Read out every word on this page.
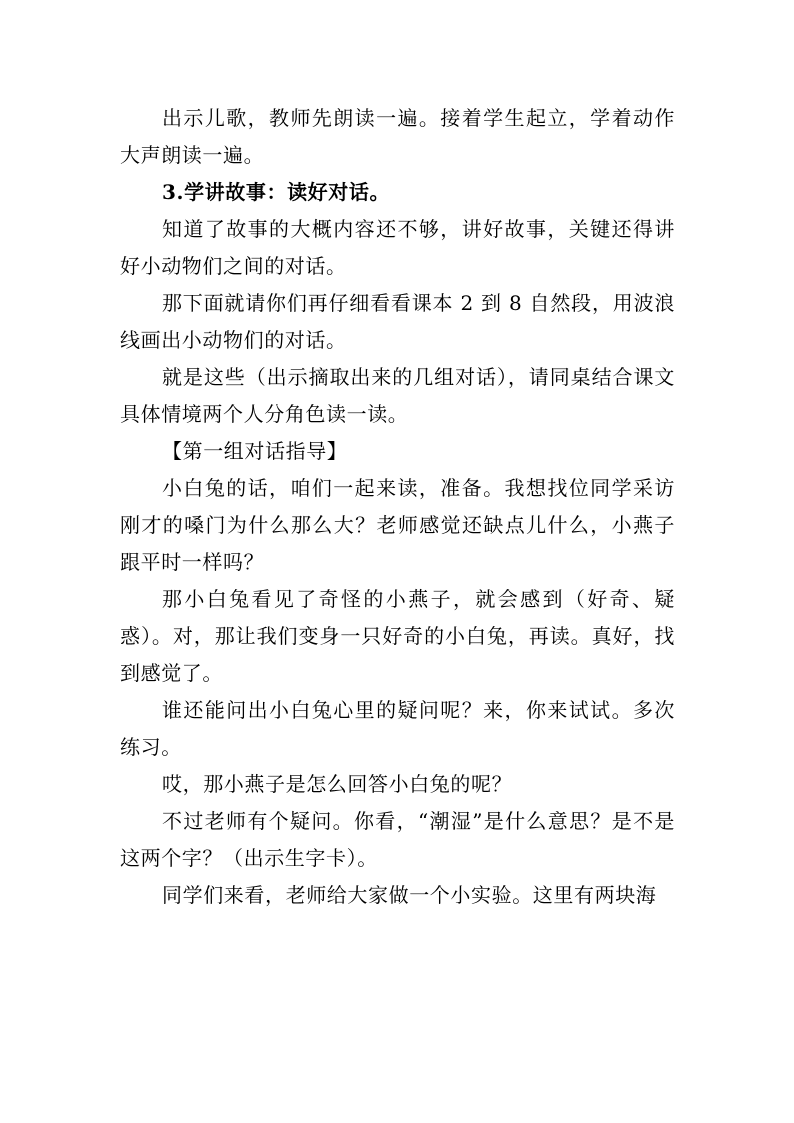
出示儿歌，教师先朗读一遍。接着学生起立，学着动作大声朗读一遍。

3.学讲故事：读好对话。

知道了故事的大概内容还不够，讲好故事，关键还得讲好小动物们之间的对话。

那下面就请你们再仔细看看课本 2 到 8 自然段，用波浪线画出小动物们的对话。

就是这些（出示摘取出来的几组对话），请同桌结合课文具体情境两个人分角色读一读。

【第一组对话指导】

小白兔的话，咱们一起来读，准备。我想找位同学采访刚才的嗓门为什么那么大？老师感觉还缺点儿什么，小燕子跟平时一样吗？

那小白兔看见了奇怪的小燕子，就会感到（好奇、疑惑）。对，那让我们变身一只好奇的小白兔，再读。真好，找到感觉了。

谁还能问出小白兔心里的疑问呢？来，你来试试。多次练习。

哎，那小燕子是怎么回答小白兔的呢？

不过老师有个疑问。你看，“潮湿”是什么意思？是不是这两个字？（出示生字卡）。

同学们来看，老师给大家做一个小实验。这里有两块海
